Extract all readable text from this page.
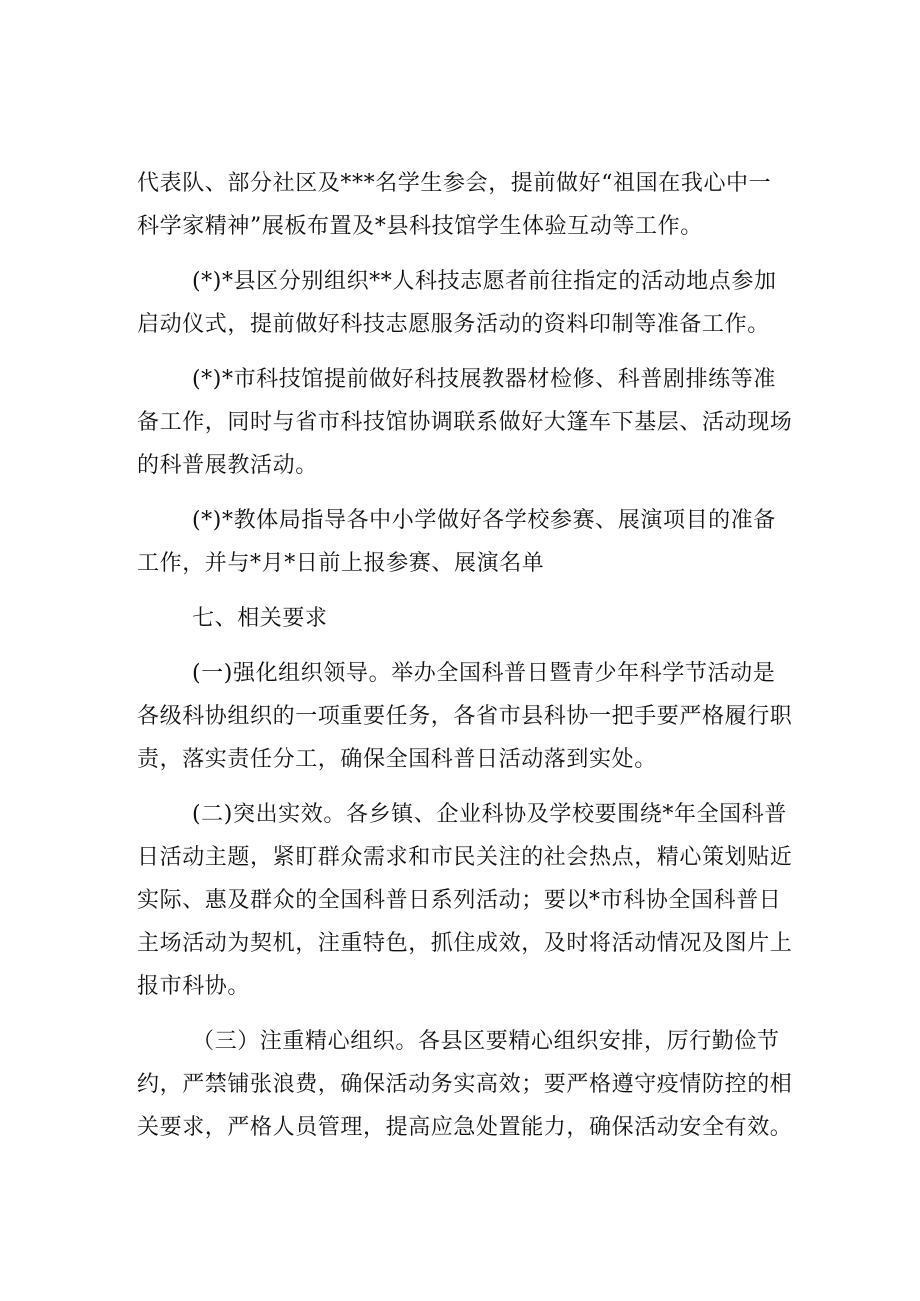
代表队、部分社区及***名学生参会，提前做好“祖国在我心中一
科学家精神”展板布置及*县科技馆学生体验互动等工作。
(*)*县区分别组织**人科技志愿者前往指定的活动地点参加
启动仪式，提前做好科技志愿服务活动的资料印制等准备工作。
(*)*市科技馆提前做好科技展教器材检修、科普剧排练等准
备工作，同时与省市科技馆协调联系做好大篷车下基层、活动现场
的科普展教活动。
(*)*教体局指导各中小学做好各学校参赛、展演项目的准备
工作，并与*月*日前上报参赛、展演名单
七、相关要求
(一)强化组织领导。举办全国科普日暨青少年科学节活动是
各级科协组织的一项重要任务，各省市县科协一把手要严格履行职
责，落实责任分工，确保全国科普日活动落到实处。
(二)突出实效。各乡镇、企业科协及学校要围绕*年全国科普
日活动主题，紧盯群众需求和市民关注的社会热点，精心策划贴近
实际、惠及群众的全国科普日系列活动；要以*市科协全国科普日
主场活动为契机，注重特色，抓住成效，及时将活动情况及图片上
报市科协。
（三）注重精心组织。各县区要精心组织安排，厉行勤俭节
约，严禁铺张浪费，确保活动务实高效；要严格遵守疫情防控的相
关要求，严格人员管理，提高应急处置能力，确保活动安全有效。
